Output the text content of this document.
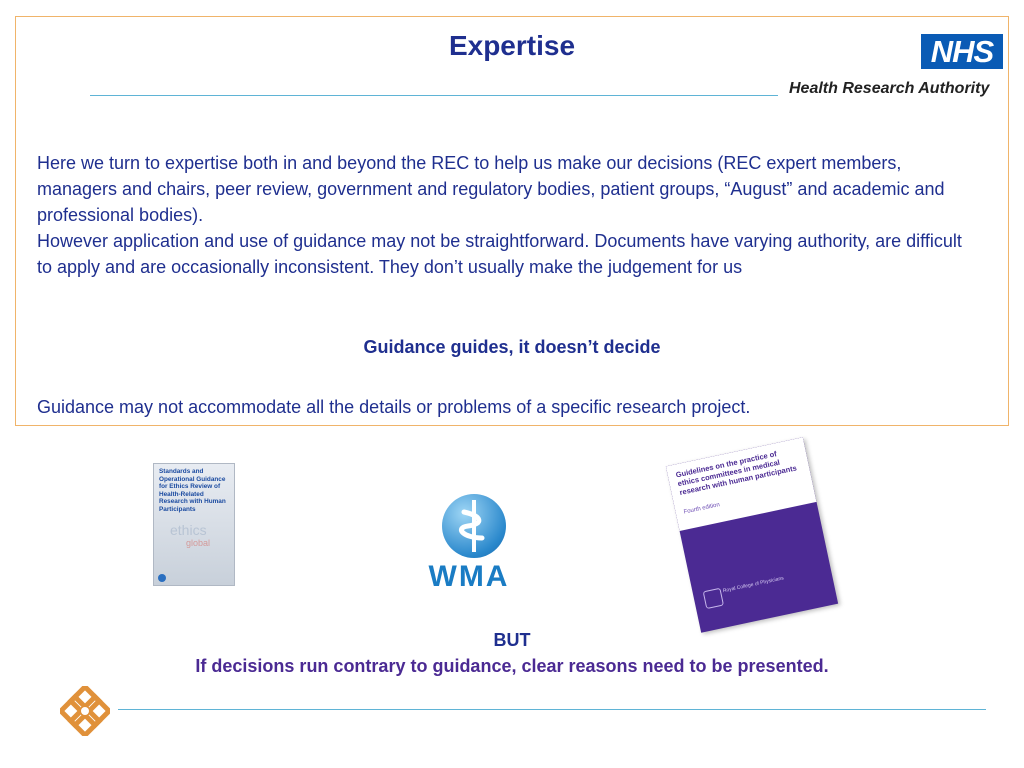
Expertise	NHS
Health Research Authority

Here we turn to expertise both in and beyond the REC to help us make our decisions (REC expert members, managers and chairs, peer review, government and regulatory bodies, patient groups, “August” and academic and professional bodies).

However application and use of guidance may not be straightforward. Documents have varying authority, are difficult to apply and are occasionally inconsistent. They don’t usually make the judgement for us

Guidance guides, it doesn’t decide
Guidance may not accommodate all the details or problems of a specific research project.
Standards and Operational Guidance for Ethics Review of Health-Related Research with Human Participants
ethics
global
WMA
Guidelines on the practice of ethics committees in medical research with human participants
Fourth edition
Royal College of Physicians
BUT
If decisions run contrary to guidance, clear reasons need to be presented.
